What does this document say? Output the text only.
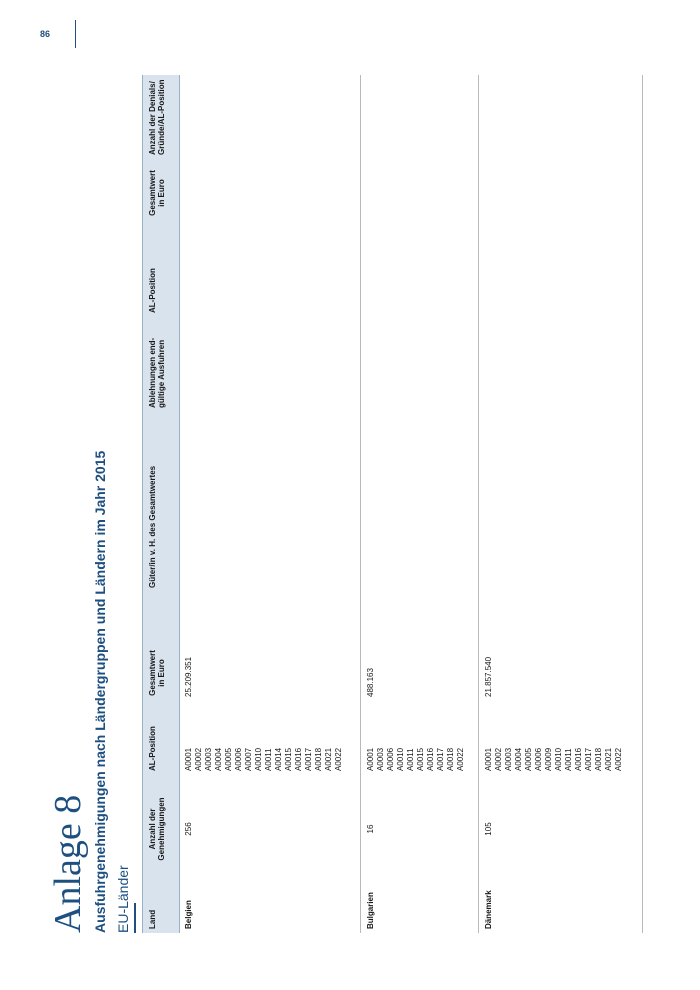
86
Anlage 8 Ausfuhrgenehmigungen nach Ländergruppen und Ländern im Jahr 2015 EU-Länder Land
Anzahl der
Genehmigungen
AL-Position
Gesamtwert
in Euro
Güter/in v. H. des Gesamtwertes
Ablehnungen end-
gültige Ausfuhren
AL-Position
Gesamtwert
in Euro
Anzahl der Denials/
Gründe/AL-Position
Belgien
256
A0001
A0002
A0003
A0004
A0005
A0006
A0007
A0010
A0011
A0014
A0015
A0016
A0017
A0018
A0021
A0022
25.209.351
Bulgarien
16
A0001
A0003
A0006
A0010
A0011
A0015
A0016
A0017
A0018
A0022
488.163
Dänemark
105
A0001
A0002
A0003
A0004
A0005
A0006
A0009
A0010
A0011
A0016
A0017
A0018
A0021
A0022
21.857.540
